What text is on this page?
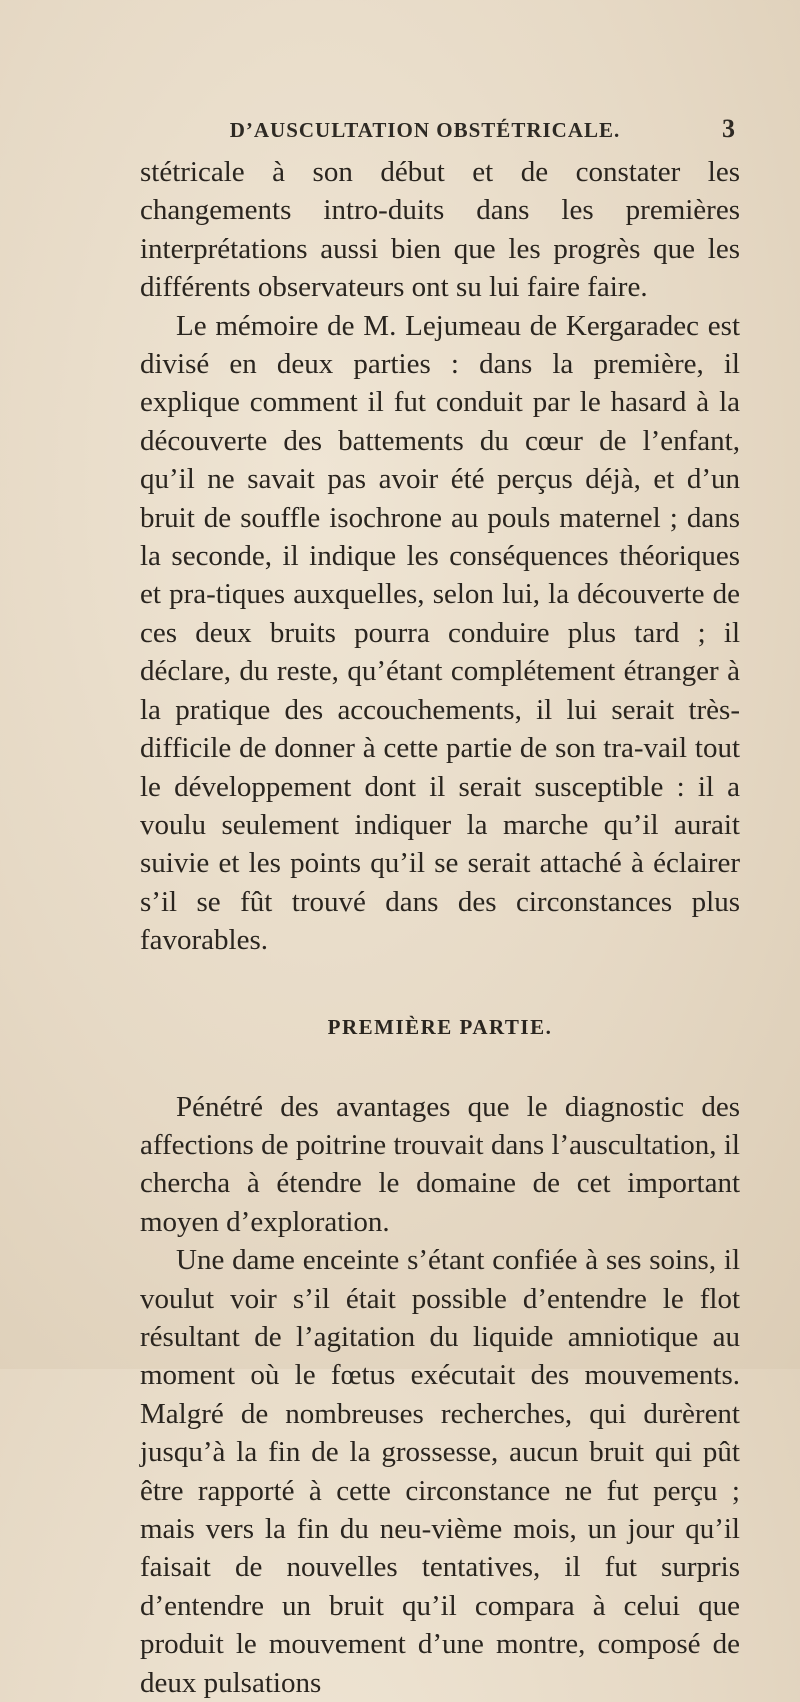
D’AUSCULTATION OBSTÉTRICALE.	3

stétricale à son début et de constater les changements intro-duits dans les premières interprétations aussi bien que les progrès que les différents observateurs ont su lui faire faire.

Le mémoire de M. Lejumeau de Kergaradec est divisé en deux parties : dans la première, il explique comment il fut conduit par le hasard à la découverte des battements du cœur de l’enfant, qu’il ne savait pas avoir été perçus déjà, et d’un bruit de souffle isochrone au pouls maternel ; dans la seconde, il indique les conséquences théoriques et pra-tiques auxquelles, selon lui, la découverte de ces deux bruits pourra conduire plus tard ; il déclare, du reste, qu’étant complétement étranger à la pratique des accouchements, il lui serait très-difficile de donner à cette partie de son tra-vail tout le développement dont il serait susceptible : il a voulu seulement indiquer la marche qu’il aurait suivie et les points qu’il se serait attaché à éclairer s’il se fût trouvé dans des circonstances plus favorables.

PREMIÈRE PARTIE.

Pénétré des avantages que le diagnostic des affections de poitrine trouvait dans l’auscultation, il chercha à étendre le domaine de cet important moyen d’exploration.

Une dame enceinte s’étant confiée à ses soins, il voulut voir s’il était possible d’entendre le flot résultant de l’agitation du liquide amniotique au moment où le fœtus exécutait des mouvements. Malgré de nombreuses recherches, qui durèrent jusqu’à la fin de la grossesse, aucun bruit qui pût être rapporté à cette circonstance ne fut perçu ; mais vers la fin du neu-vième mois, un jour qu’il faisait de nouvelles tentatives, il fut surpris d’entendre un bruit qu’il compara à celui que produit le mouvement d’une montre, composé de deux pulsations
